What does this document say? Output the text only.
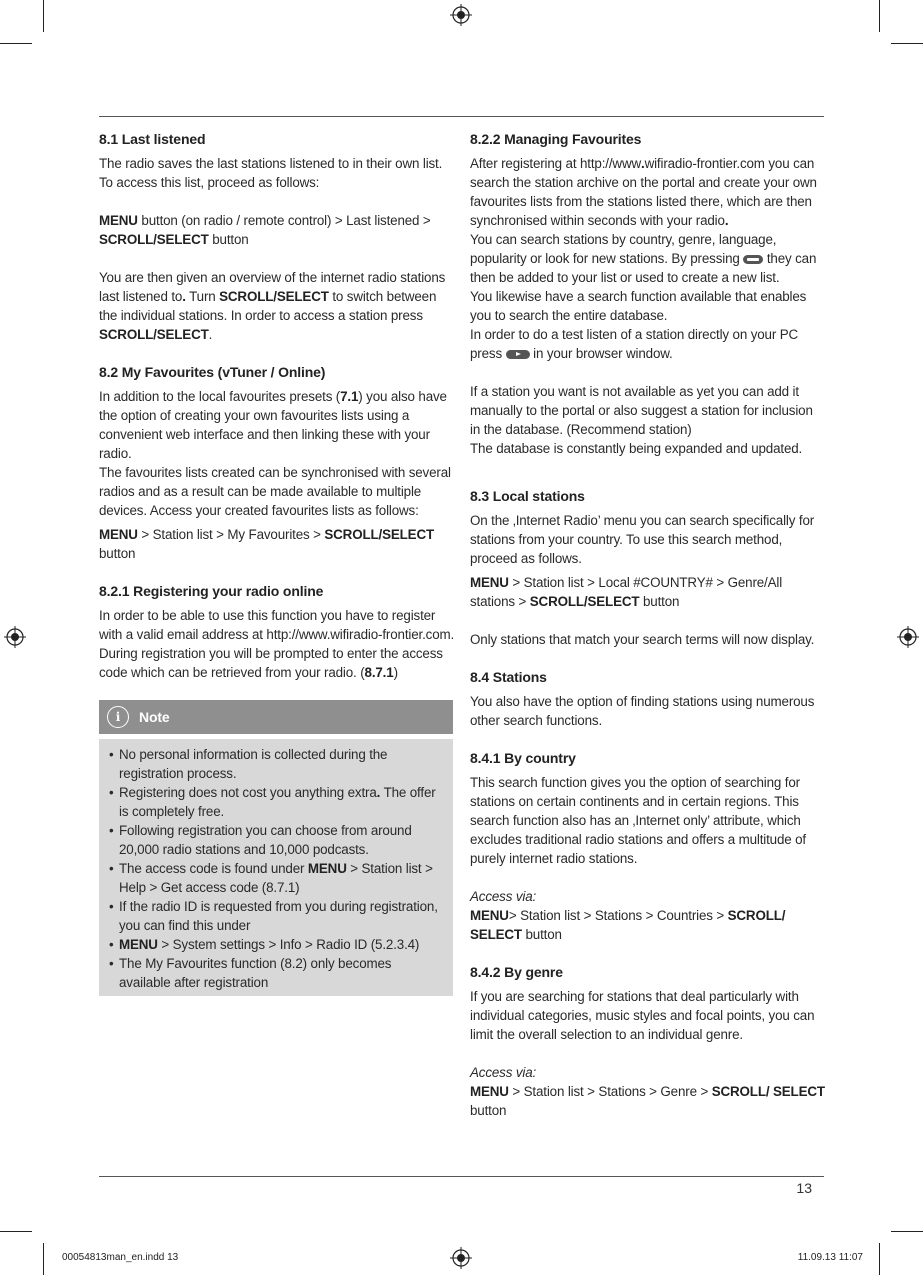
8.1 Last listened

The radio saves the last stations listened to in their own list. To access this list, proceed as follows:

MENU button (on radio / remote control) > Last listened >
SCROLL/SELECT button

You are then given an overview of the internet radio stations last listened to. Turn SCROLL/SELECT to switch between the individual stations. In order to access a station press SCROLL/SELECT.

8.2 My Favourites (vTuner / Online)

In addition to the local favourites presets (7.1) you also have the option of creating your own favourites lists using a convenient web interface and then linking these with your radio.

The favourites lists created can be synchronised with several radios and as a result can be made available to multiple devices. Access your created favourites lists as follows:

MENU > Station list > My Favourites > SCROLL/SELECT
button

8.2.1 Registering your radio online

In order to be able to use this function you have to register with a valid email address at http://www.wifiradio-frontier.com. During registration you will be prompted to enter the access code which can be retrieved from your radio. (8.7.1)

i	Note
• No personal information is collected during the registration process.
• Registering does not cost you anything extra. The offer is completely free.
• Following registration you can choose from around 20,000 radio stations and 10,000 podcasts.
• The access code is found under MENU > Station list > Help > Get access code (8.7.1)
• If the radio ID is requested from you during registration, you can find this under
• MENU > System settings > Info > Radio ID (5.2.3.4)
• The My Favourites function (8.2) only becomes available after registration
8.2.2 Managing Favourites

After registering at http://www.wifiradio-frontier.com you can search the station archive on the portal and create your own favourites lists from the stations listed there, which are then synchronised within seconds with your radio.

You can search stations by country, genre, language, popularity or look for new stations. By pressing  they can then be added to your list or used to create a new list.

You likewise have a search function available that enables you to search the entire database.

In order to do a test listen of a station directly on your PC press  in your browser window.

If a station you want is not available as yet you can add it manually to the portal or also suggest a station for inclusion in the database. (Recommend station)

The database is constantly being expanded and updated.

8.3 Local stations

On the ‚Internet Radio’ menu you can search specifically for stations from your country. To use this search method, proceed as follows.

MENU > Station list > Local #COUNTRY# > Genre/All stations > SCROLL/SELECT button

Only stations that match your search terms will now display.

8.4 Stations

You also have the option of finding stations using numerous other search functions.

8.4.1 By country

This search function gives you the option of searching for stations on certain continents and in certain regions. This search function also has an ‚Internet only’ attribute, which excludes traditional radio stations and offers a multitude of purely internet radio stations.

Access via:

MENU> Station list > Stations > Countries > SCROLL/ SELECT button

8.4.2 By genre

If you are searching for stations that deal particularly with individual categories, music styles and focal points, you can limit the overall selection to an individual genre.

Access via:

MENU > Station list > Stations > Genre > SCROLL/ SELECT button

13
00054813man_en.indd 13	11.09.13 11:07
